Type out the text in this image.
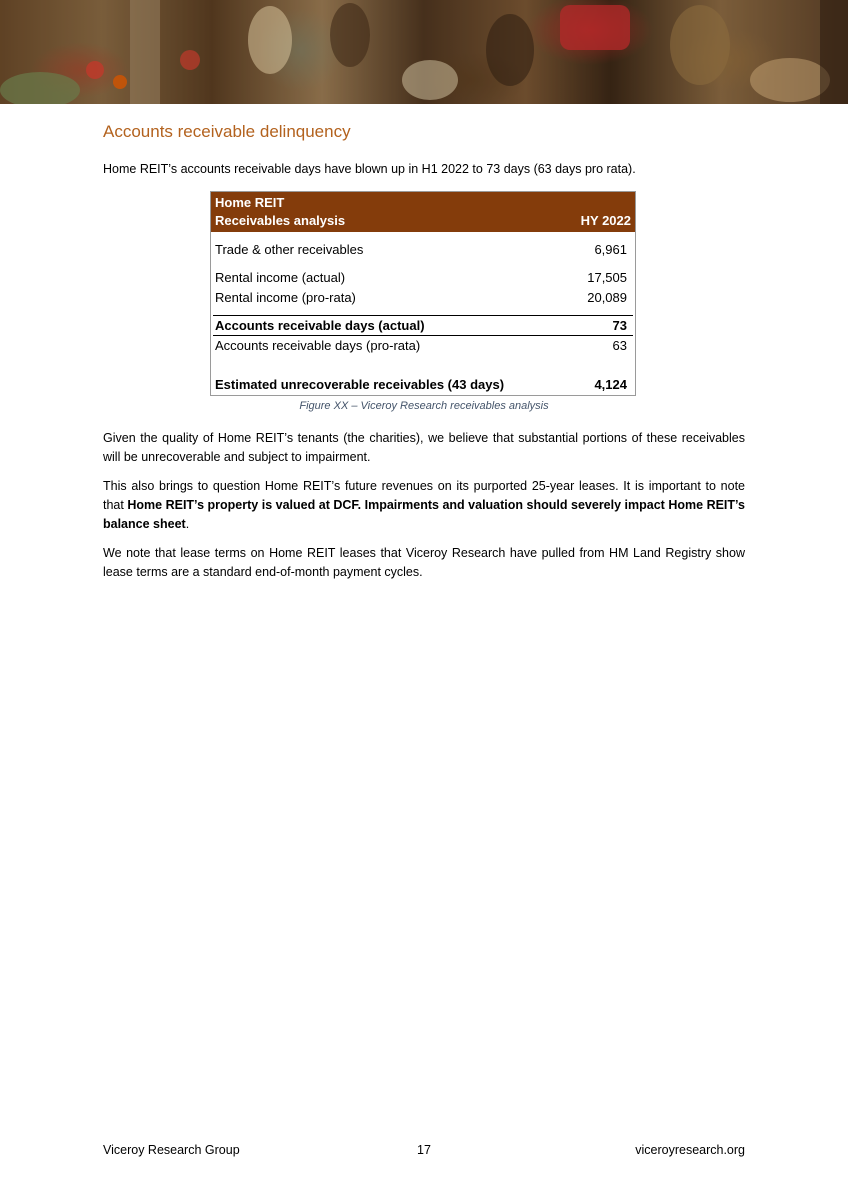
Accounts receivable delinquency

Home REIT’s accounts receivable days have blown up in H1 2022 to 73 days (63 days pro rata).

Home REIT
Receivables analysis	HY 2022
Trade & other receivables	6,961
Rental income (actual)	17,505
Rental income (pro-rata)	20,089
Accounts receivable days (actual)	73
Accounts receivable days (pro-rata)	63
Estimated unrecoverable receivables (43 days)	4,124
Figure XX – Viceroy Research receivables analysis

Given the quality of Home REIT’s tenants (the charities), we believe that substantial portions of these receivables will be unrecoverable and subject to impairment.

This also brings to question Home REIT’s future revenues on its purported 25-year leases. It is important to note that Home REIT’s property is valued at DCF. Impairments and valuation should severely impact Home REIT’s balance sheet.

We note that lease terms on Home REIT leases that Viceroy Research have pulled from HM Land Registry show lease terms are a standard end-of-month payment cycles.

Viceroy Research Group	17	viceroyresearch.org
